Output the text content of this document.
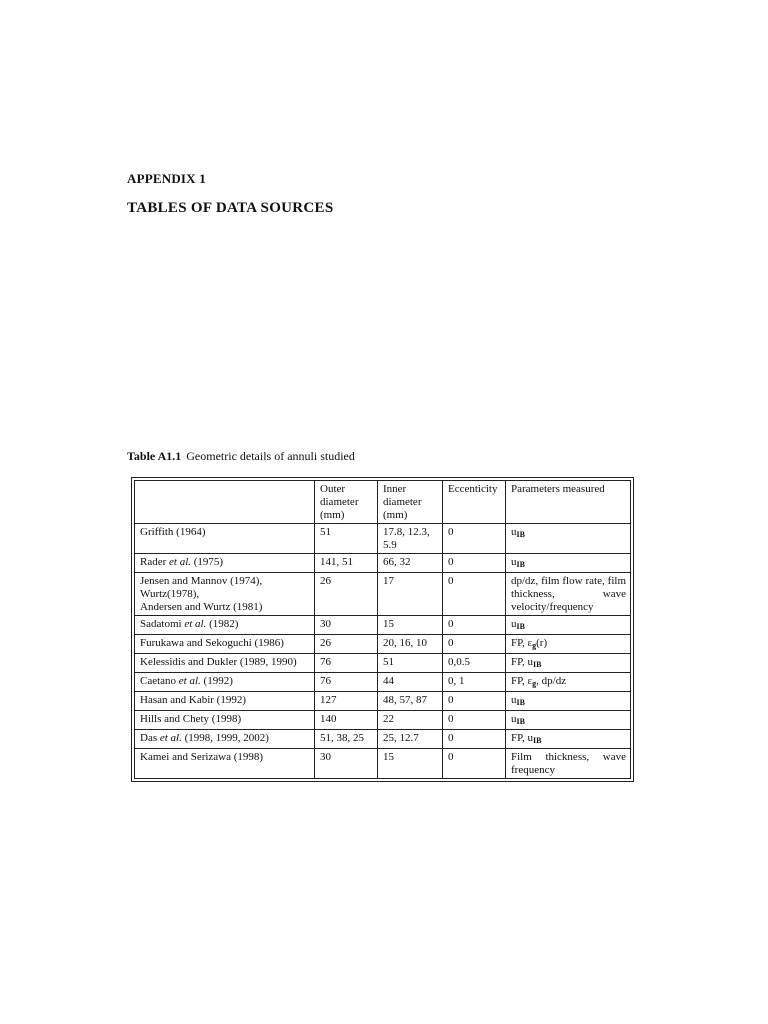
APPENDIX 1
TABLES OF DATA SOURCES
Table A1.1 Geometric details of annuli studied
	Outer diameter (mm)	Inner diameter (mm)	Eccenticity	Parameters measured
Griffith (1964)	51	17.8, 12.3, 5.9	0	$u_{IB}$
Rader et al. (1975)	141, 51	66, 32	0	$u_{IB}$
Jensen and Mannov (1974),
Wurtz(1978),
Andersen and Wurtz (1981)	26	17	0	dp/dz, film flow rate, film thickness, wave velocity/frequency
Sadatomi et al. (1982)	30	15	0	$u_{IB}$
Furukawa and Sekoguchi (1986)	26	20, 16, 10	0	FP, $\varepsilon_g(r)$
Kelessidis and Dukler (1989, 1990)	76	51	0,0.5	FP, $u_{IB}$
Caetano et al. (1992)	76	44	0, 1	FP, $\varepsilon_g$, dp/dz
Hasan and Kabir (1992)	127	48, 57, 87	0	$u_{IB}$
Hills and Chety (1998)	140	22	0	$u_{IB}$
Das et al. (1998, 1999, 2002)	51, 38, 25	25, 12.7	0	FP, $u_{IB}$
Kamei and Serizawa (1998)	30	15	0	Film thickness, wave frequency
